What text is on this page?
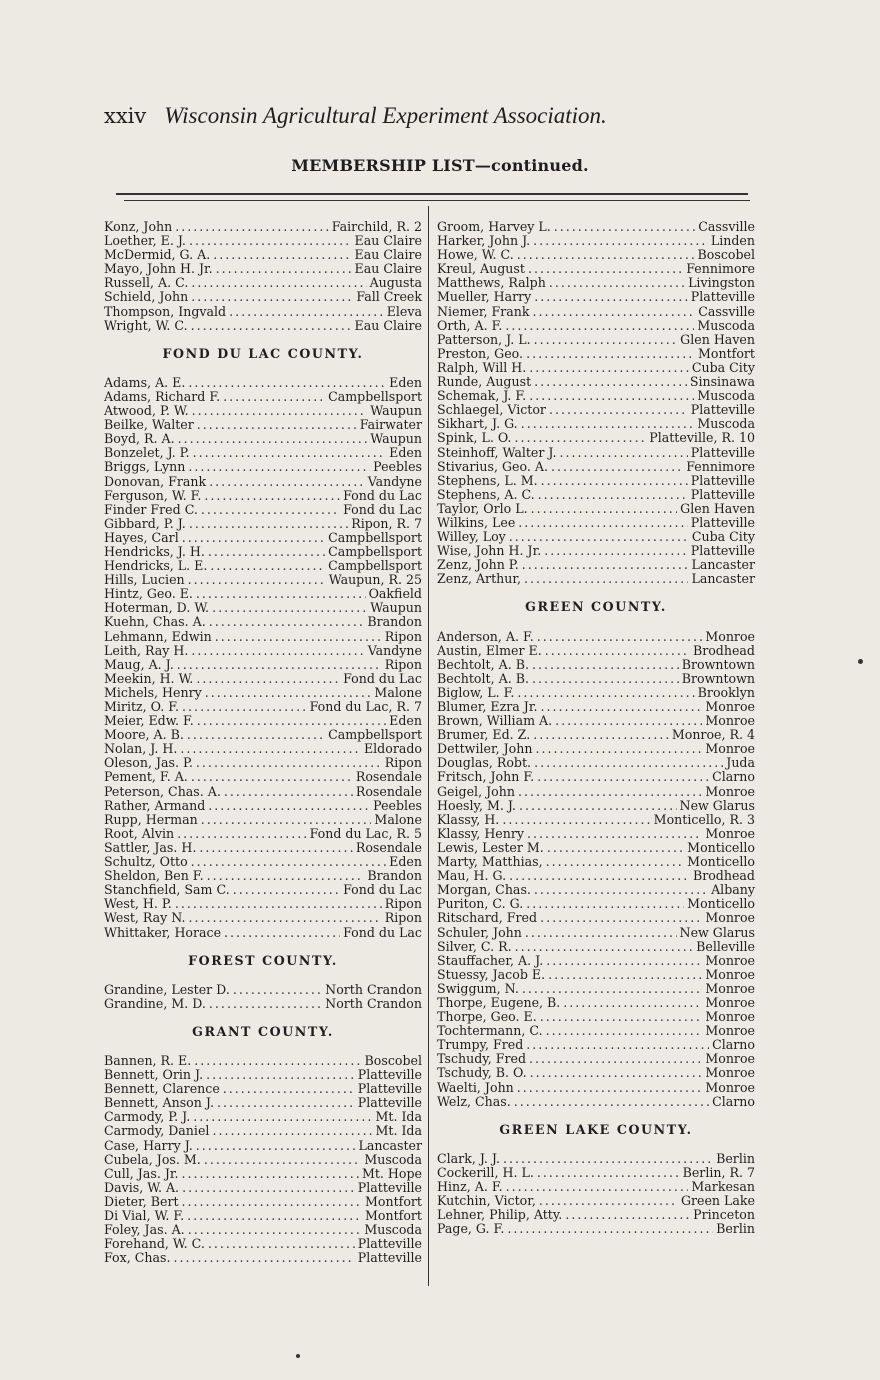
xxiv Wisconsin Agricultural Experiment Association.
MEMBERSHIP LIST—continued.
Konz, John . . .	Fairchild, R. 2
Loether, E. J. . . .	Eau Claire
McDermid, G. A. . . .	Eau Claire
Mayo, John H. Jr. . . .	Eau Claire
Russell, A. C. . . .	Augusta
Schield, John . . .	Fall Creek
Thompson, Ingvald . . .	Eleva
Wright, W. C. . . .	Eau Claire
FOND DU LAC COUNTY.
Adams, A. E. . . .	Eden
Adams, Richard F. . . .	Campbellsport
Atwood, P. W. . . .	Waupun
Beilke, Walter . . .	Fairwater
Boyd, R. A. . . .	Waupun
Bonzelet, J. P. . . .	Eden
Briggs, Lynn . . .	Peebles
Donovan, Frank . . .	Vandyne
Ferguson, W. F. . . .	Fond du Lac
Finder Fred C. . . .	Fond du Lac
Gibbard, P. J. . . .	Ripon, R. 7
Hayes, Carl . . .	Campbellsport
Hendricks, J. H. . . .	Campbellsport
Hendricks, L. E. . . .	Campbellsport
Hills, Lucien . . .	Waupun, R. 25
Hintz, Geo. E. . . .	Oakfield
Hoterman, D. W. . . .	Waupun
Kuehn, Chas. A. . . .	Brandon
Lehmann, Edwin . . .	Ripon
Leith, Ray H. . . .	Vandyne
Maug, A. J. . . .	Ripon
Meekin, H. W. . . .	Fond du Lac
Michels, Henry . . .	Malone
Miritz, O. F. . . .	Fond du Lac, R. 7
Meier, Edw. F. . . .	Eden
Moore, A. B. . . .	Campbellsport
Nolan, J. H. . . .	Eldorado
Oleson, Jas. P. . . .	Ripon
Pement, F. A. . . .	Rosendale
Peterson, Chas. A. . . .	Rosendale
Rather, Armand . . .	Peebles
Rupp, Herman . . .	Malone
Root, Alvin . . .	Fond du Lac, R. 5
Sattler, Jas. H. . . .	Rosendale
Schultz, Otto . . .	Eden
Sheldon, Ben F. . . .	Brandon
Stanchfield, Sam C. . . .	Fond du Lac
West, H. P. . . .	Ripon
West, Ray N. . . .	Ripon
Whittaker, Horace . . .	Fond du Lac
FOREST COUNTY.
Grandine, Lester D. . . .	North Crandon
Grandine, M. D. . . .	North Crandon
GRANT COUNTY.
Bannen, R. E. . . .	Boscobel
Bennett, Orin J. . . .	Platteville
Bennett, Clarence . . .	Platteville
Bennett, Anson J. . . .	Platteville
Carmody, P. J. . . .	Mt. Ida
Carmody, Daniel . . .	Mt. Ida
Case, Harry J. . . .	Lancaster
Cubela, Jos. M. . . .	Muscoda
Cull, Jas. Jr. . . .	Mt. Hope
Davis, W. A. . . .	Platteville
Dieter, Bert . . .	Montfort
Di Vial, W. F. . . .	Montfort
Foley, Jas. A. . . .	Muscoda
Forehand, W. C. . . .	Platteville
Fox, Chas. . . .	Platteville
Groom, Harvey L. . . .	Cassville
Harker, John J. . . .	Linden
Howe, W. C. . . .	Boscobel
Kreul, August . . .	Fennimore
Matthews, Ralph . . .	Livingston
Mueller, Harry . . .	Platteville
Niemer, Frank . . .	Cassville
Orth, A. F. . . .	Muscoda
Patterson, J. L. . . .	Glen Haven
Preston, Geo. . . .	Montfort
Ralph, Will H. . . .	Cuba City
Runde, August . . .	Sinsinawa
Schemak, J. F. . . .	Muscoda
Schlaegel, Victor . . .	Platteville
Sikhart, J. G. . . .	Muscoda
Spink, L. O. . . .	Platteville, R. 10
Steinhoff, Walter J. . . .	Platteville
Stivarius, Geo. A. . . .	Fennimore
Stephens, L. M. . . .	Platteville
Stephens, A. C. . . .	Platteville
Taylor, Orlo L. . . .	Glen Haven
Wilkins, Lee . . .	Platteville
Willey, Loy . . .	Cuba City
Wise, John H. Jr. . . .	Platteville
Zenz, John P. . . .	Lancaster
Zenz, Arthur, . . .	Lancaster
GREEN COUNTY.
Anderson, A. F. . . .	Monroe
Austin, Elmer E. . . .	Brodhead
Bechtolt, A. B. . . .	Browntown
Bechtolt, A. B. . . .	Browntown
Biglow, L. F. . . .	Brooklyn
Blumer, Ezra Jr. . . .	Monroe
Brown, William A. . . .	Monroe
Brumer, Ed. Z. . . .	Monroe, R. 4
Dettwiler, John . . .	Monroe
Douglas, Robt. . . .	Juda
Fritsch, John F. . . .	Clarno
Geigel, John . . .	Monroe
Hoesly, M. J. . . .	New Glarus
Klassy, H. . . .	Monticello, R. 3
Klassy, Henry . . .	Monroe
Lewis, Lester M. . . .	Monticello
Marty, Matthias, . . .	Monticello
Mau, H. G. . . .	Brodhead
Morgan, Chas. . . .	Albany
Puriton, C. G. . . .	Monticello
Ritschard, Fred . . .	Monroe
Schuler, John . . .	New Glarus
Silver, C. R. . . .	Belleville
Stauffacher, A. J. . . .	Monroe
Stuessy, Jacob E. . . .	Monroe
Swiggum, N. . . .	Monroe
Thorpe, Eugene, B. . . .	Monroe
Thorpe, Geo. E. . . .	Monroe
Tochtermann, C. . . .	Monroe
Trumpy, Fred . . .	Clarno
Tschudy, Fred . . .	Monroe
Tschudy, B. O. . . .	Monroe
Waelti, John . . .	Monroe
Welz, Chas. . . .	Clarno
GREEN LAKE COUNTY.
Clark, J. J. . . .	Berlin
Cockerill, H. L. . . .	Berlin, R. 7
Hinz, A. F. . . .	Markesan
Kutchin, Victor, . . .	Green Lake
Lehner, Philip, Atty. . . .	Princeton
Page, G. F. . . .	Berlin
